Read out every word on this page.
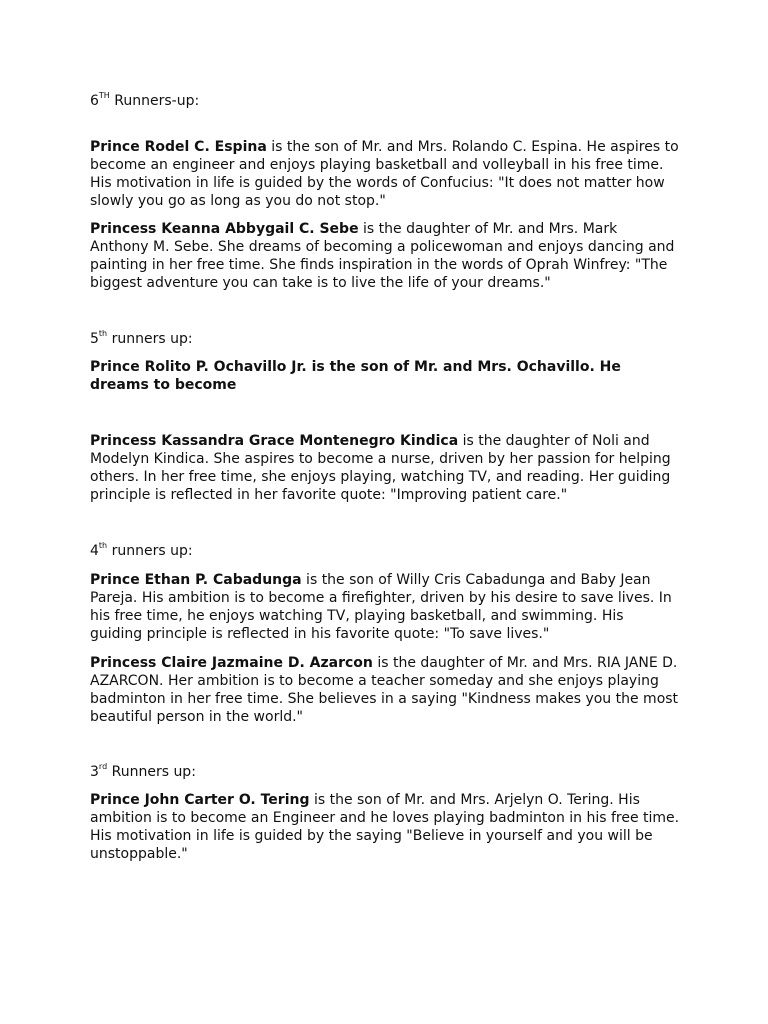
6TH Runners-up:

Prince Rodel C. Espina is the son of Mr. and Mrs. Rolando C. Espina. He aspires to become an engineer and enjoys playing basketball and volleyball in his free time. His motivation in life is guided by the words of Confucius: "It does not matter how slowly you go as long as you do not stop."

Princess Keanna Abbygail C. Sebe is the daughter of Mr. and Mrs. Mark Anthony M. Sebe. She dreams of becoming a policewoman and enjoys dancing and painting in her free time. She finds inspiration in the words of Oprah Winfrey: "The biggest adventure you can take is to live the life of your dreams."

5th runners up:

Prince Rolito P. Ochavillo Jr. is the son of Mr. and Mrs. Ochavillo. He dreams to become

Princess Kassandra Grace Montenegro Kindica is the daughter of Noli and Modelyn Kindica. She aspires to become a nurse, driven by her passion for helping others. In her free time, she enjoys playing, watching TV, and reading. Her guiding principle is reflected in her favorite quote: "Improving patient care."

4th runners up:

Prince Ethan P. Cabadunga is the son of Willy Cris Cabadunga and Baby Jean Pareja. His ambition is to become a firefighter, driven by his desire to save lives. In his free time, he enjoys watching TV, playing basketball, and swimming. His guiding principle is reflected in his favorite quote: "To save lives."

Princess Claire Jazmaine D. Azarcon is the daughter of Mr. and Mrs. RIA JANE D. AZARCON. Her ambition is to become a teacher someday and she enjoys playing badminton in her free time. She believes in a saying "Kindness makes you the most beautiful person in the world."

3rd Runners up:

Prince John Carter O. Tering is the son of Mr. and Mrs. Arjelyn O. Tering. His ambition is to become an Engineer and he loves playing badminton in his free time. His motivation in life is guided by the saying "Believe in yourself and you will be unstoppable."
